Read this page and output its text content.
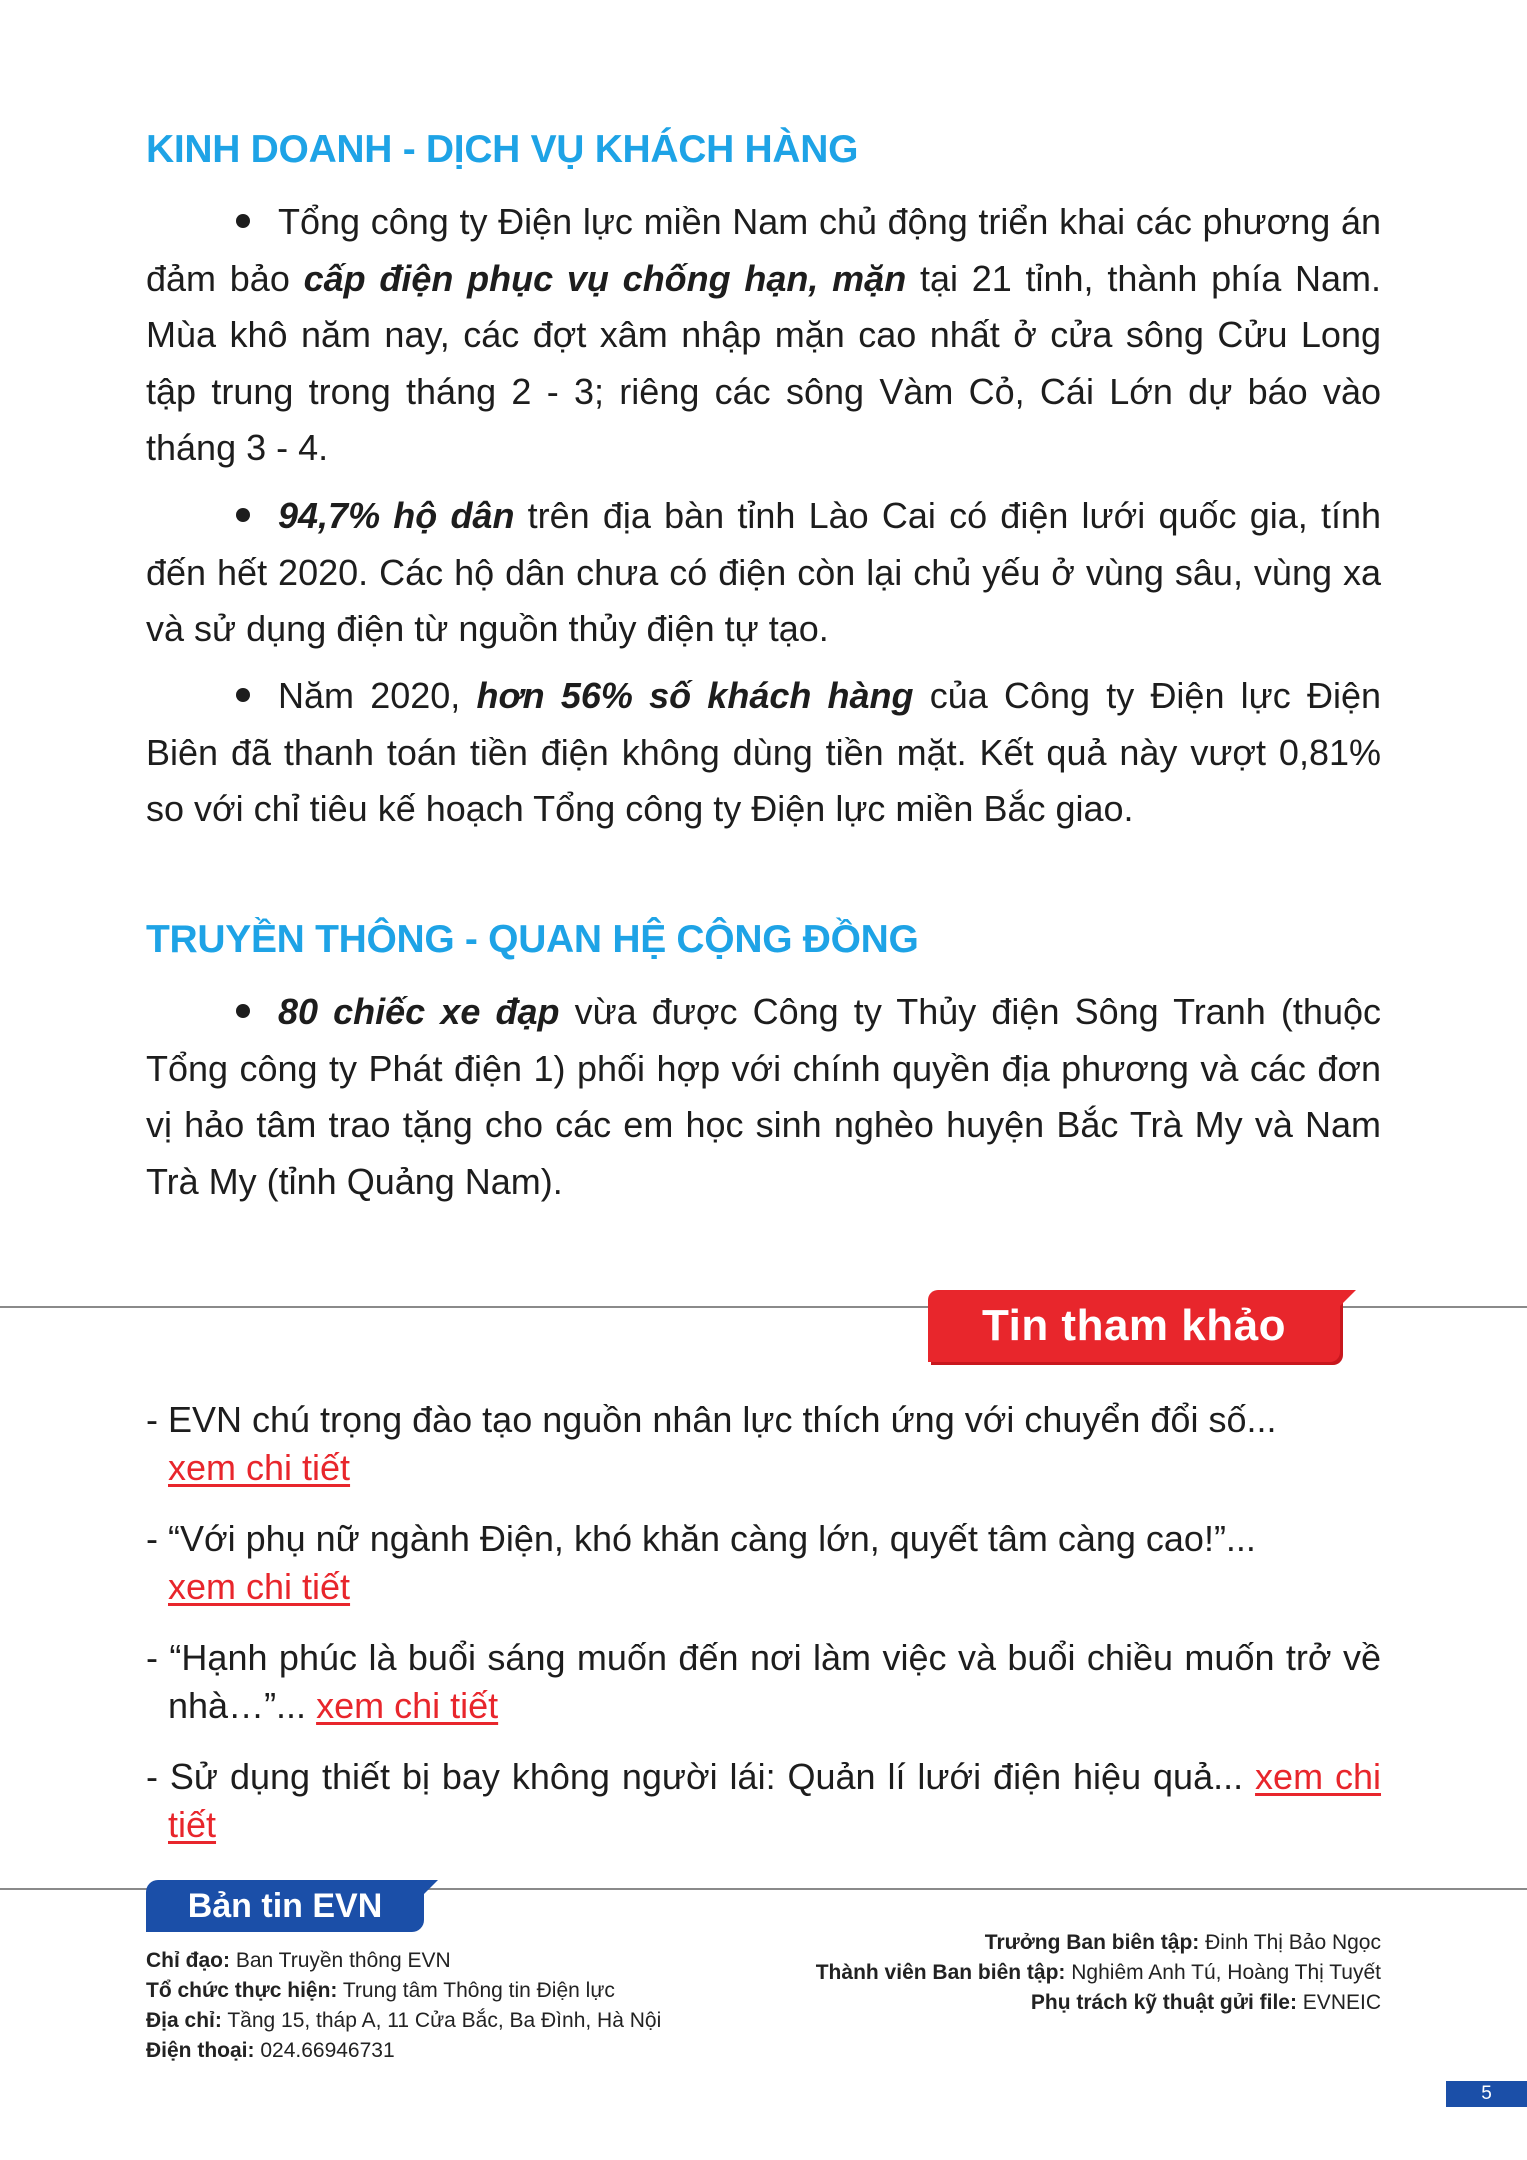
KINH DOANH - DỊCH VỤ KHÁCH HÀNG

Tổng công ty Điện lực miền Nam chủ động triển khai các phương án đảm bảo cấp điện phục vụ chống hạn, mặn tại 21 tỉnh, thành phía Nam. Mùa khô năm nay, các đợt xâm nhập mặn cao nhất ở cửa sông Cửu Long tập trung trong tháng 2 - 3; riêng các sông Vàm Cỏ, Cái Lớn dự báo vào tháng 3 - 4.

94,7% hộ dân trên địa bàn tỉnh Lào Cai có điện lưới quốc gia, tính đến hết 2020. Các hộ dân chưa có điện còn lại chủ yếu ở vùng sâu, vùng xa và sử dụng điện từ nguồn thủy điện tự tạo.

Năm 2020, hơn 56% số khách hàng của Công ty Điện lực Điện Biên đã thanh toán tiền điện không dùng tiền mặt. Kết quả này vượt 0,81% so với chỉ tiêu kế hoạch Tổng công ty Điện lực miền Bắc giao.

TRUYỀN THÔNG - QUAN HỆ CỘNG ĐỒNG

80 chiếc xe đạp vừa được Công ty Thủy điện Sông Tranh (thuộc Tổng công ty Phát điện 1) phối hợp với chính quyền địa phương và các đơn vị hảo tâm trao tặng cho các em học sinh nghèo huyện Bắc Trà My và Nam Trà My (tỉnh Quảng Nam).

Tin tham khảo

- EVN chú trọng đào tạo nguồn nhân lực thích ứng với chuyển đổi số...
xem chi tiết

- “Với phụ nữ ngành Điện, khó khăn càng lớn, quyết tâm càng cao!”...
xem chi tiết

- “Hạnh phúc là buổi sáng muốn đến nơi làm việc và buổi chiều muốn trở về nhà…”... xem chi tiết

- Sử dụng thiết bị bay không người lái: Quản lí lưới điện hiệu quả... xem chi tiết

Bản tin EVN
Chỉ đạo: Ban Truyền thông EVN
Tổ chức thực hiện: Trung tâm Thông tin Điện lực
Địa chỉ: Tầng 15, tháp A, 11 Cửa Bắc, Ba Đình, Hà Nội
Điện thoại: 024.66946731
Trưởng Ban biên tập: Đinh Thị Bảo Ngọc
Thành viên Ban biên tập: Nghiêm Anh Tú, Hoàng Thị Tuyết
Phụ trách kỹ thuật gửi file: EVNEIC
5
